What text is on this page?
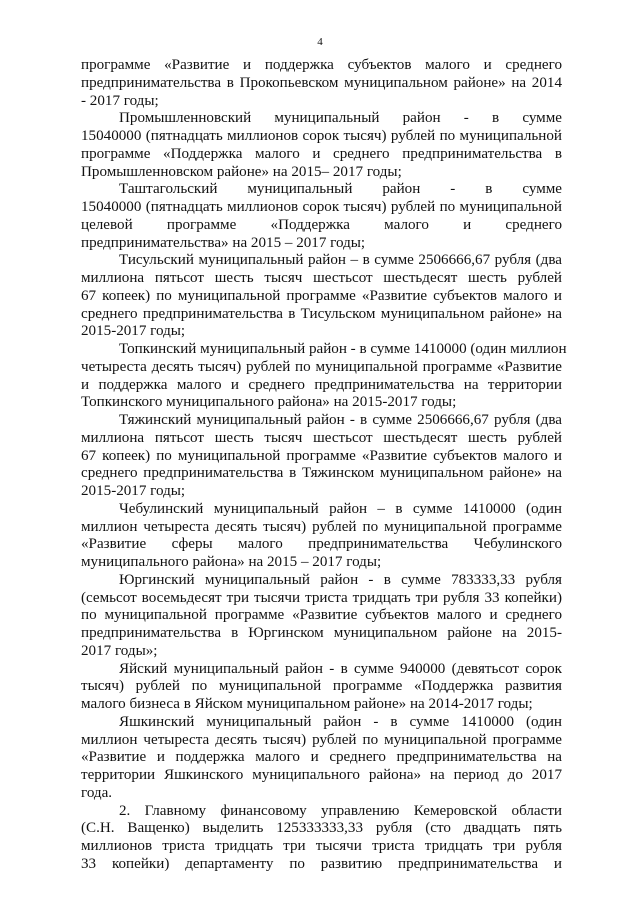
4
программе «Развитие и поддержка субъектов малого и среднего
предпринимательства в Прокопьевском муниципальном районе» на 2014
- 2017 годы;
Промышленновский муниципальный район - в сумме
15040000 (пятнадцать миллионов сорок тысяч) рублей по муниципальной
программе «Поддержка малого и среднего предпринимательства в
Промышленновском районе» на 2015– 2017 годы;
Таштагольский муниципальный район - в сумме
15040000 (пятнадцать миллионов сорок тысяч) рублей по муниципальной
целевой программе «Поддержка малого и среднего
предпринимательства» на 2015 – 2017 годы;
Тисульский муниципальный район – в сумме 2506666,67 рубля (два
миллиона пятьсот шесть тысяч шестьсот шестьдесят шесть рублей
67 копеек) по муниципальной программе «Развитие субъектов малого и
среднего предпринимательства в Тисульском муниципальном районе» на
2015-2017 годы;
Топкинский муниципальный район - в сумме 1410000 (один миллион
четыреста десять тысяч) рублей по муниципальной программе «Развитие
и поддержка малого и среднего предпринимательства на территории
Топкинского муниципального района» на 2015-2017 годы;
Тяжинский муниципальный район - в сумме 2506666,67 рубля (два
миллиона пятьсот шесть тысяч шестьсот шестьдесят шесть рублей
67 копеек) по муниципальной программе «Развитие субъектов малого и
среднего предпринимательства в Тяжинском муниципальном районе» на
2015-2017 годы;
Чебулинский муниципальный район – в сумме 1410000 (один
миллион четыреста десять тысяч) рублей по муниципальной программе
«Развитие сферы малого предпринимательства Чебулинского
муниципального района» на 2015 – 2017 годы;
Юргинский муниципальный район - в сумме 783333,33 рубля
(семьсот восемьдесят три тысячи триста тридцать три рубля 33 копейки)
по муниципальной программе «Развитие субъектов малого и среднего
предпринимательства в Юргинском муниципальном районе на 2015-
2017 годы»;
Яйский муниципальный район - в сумме 940000 (девятьсот сорок
тысяч) рублей по муниципальной программе «Поддержка развития
малого бизнеса в Яйском муниципальном районе» на 2014-2017 годы;
Яшкинский муниципальный район - в сумме 1410000 (один
миллион четыреста десять тысяч) рублей по муниципальной программе
«Развитие и поддержка малого и среднего предпринимательства на
территории Яшкинского муниципального района» на период до 2017
года.
2. Главному финансовому управлению Кемеровской области
(С.Н. Ващенко) выделить 125333333,33 рубля (сто двадцать пять
миллионов триста тридцать три тысячи триста тридцать три рубля
33 копейки) департаменту по развитию предпринимательства и
